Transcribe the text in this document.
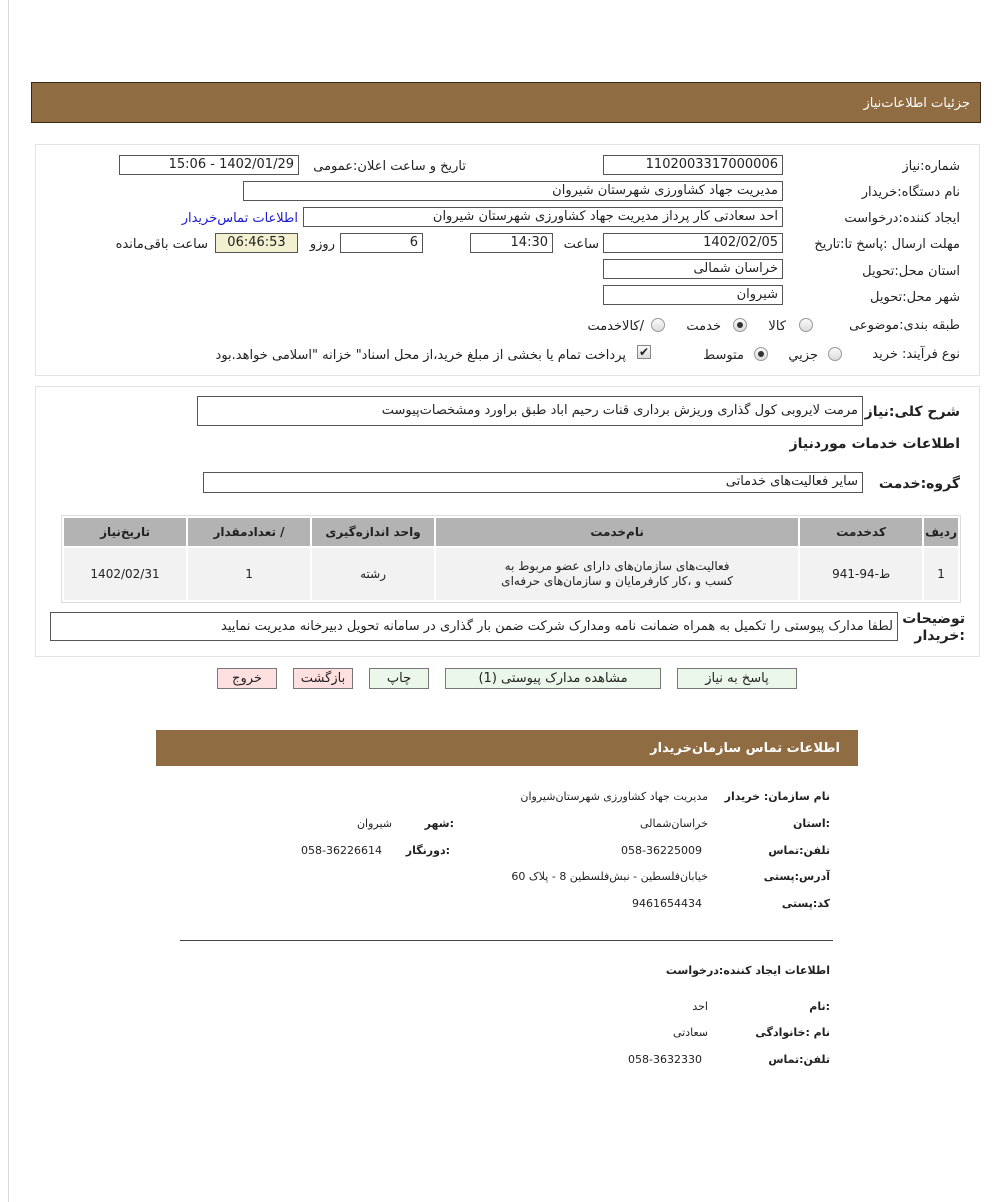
جزئیات اطلاعات‌نیاز
شماره:نیاز
1102003317000006
تاریخ و ساعت اعلان:عمومی
1402/01/29 - 15:06
نام دستگاه:خریدار
مدیریت جهاد کشاورزی شهرستان شیروان
ایجاد کننده:درخواست
احد سعادتی کار پرداز مدیریت جهاد کشاورزی شهرستان شیروان
اطلاعات تماس‌خریدار
مهلت ارسال :پاسخ تا:تاریخ
1402/02/05
ساعت
14:30
6
روزو
06:46:53
ساعت باقی‌مانده
استان محل:تحویل
خراسان شمالی
شهر محل:تحویل
شیروان
طبقه بندی:موضوعی
کالا
خدمت
/کالاخدمت
نوع فرآیند: خرید
جزیي
متوسط
✔
پرداخت تمام یا بخشی از مبلغ خرید،از محل اسناد" خزانه "اسلامی خواهد.بود
شرح کلی:نیاز
مرمت لایروبی کول گذاری وریزش برداری قنات رحیم اباد طبق براورد ومشخصات‌پیوست
اطلاعات خدمات موردنیاز
گروه:خدمت
سایر فعالیت‌های خدماتی
ردیف	کدخدمت	نام‌خدمت	واحد اندازه‌گیری	/ تعدادمقدار	تاریخ‌نیاز
1	ط-94-941	فعالیت‌های سازمان‌های دارای عضو مربوط به کسب و ،کار کارفرمایان و سازمان‌های حرفه‌ای	رشته	1	1402/02/31
توضیحات :خریدار
لطفا مدارک پیوستی را تکمیل به همراه ضمانت نامه ومدارک شرکت ضمن بار گذاری در سامانه تحویل دبیرخانه مدیریت نمایید
پاسخ به نیاز
مشاهده مدارک پیوستی (1)
چاپ
بازگشت
خروج
اطلاعات تماس سازمان‌خریدار
نام سازمان: خریدار
مدیریت جهاد کشاورزی شهرستان‌شیروان
:استان
خراسان‌شمالی
:شهر
شیروان
تلفن:تماس
058-36225009
:دورنگار
058-36226614
آدرس:پستی
خیابان‌فلسطین - نبش‌فلسطین 8 - پلاک 60
کد:پستی
9461654434
اطلاعات ایجاد کننده:درخواست
:نام
احد
نام :خانوادگی
سعادتی
تلفن:تماس
058-3632330
